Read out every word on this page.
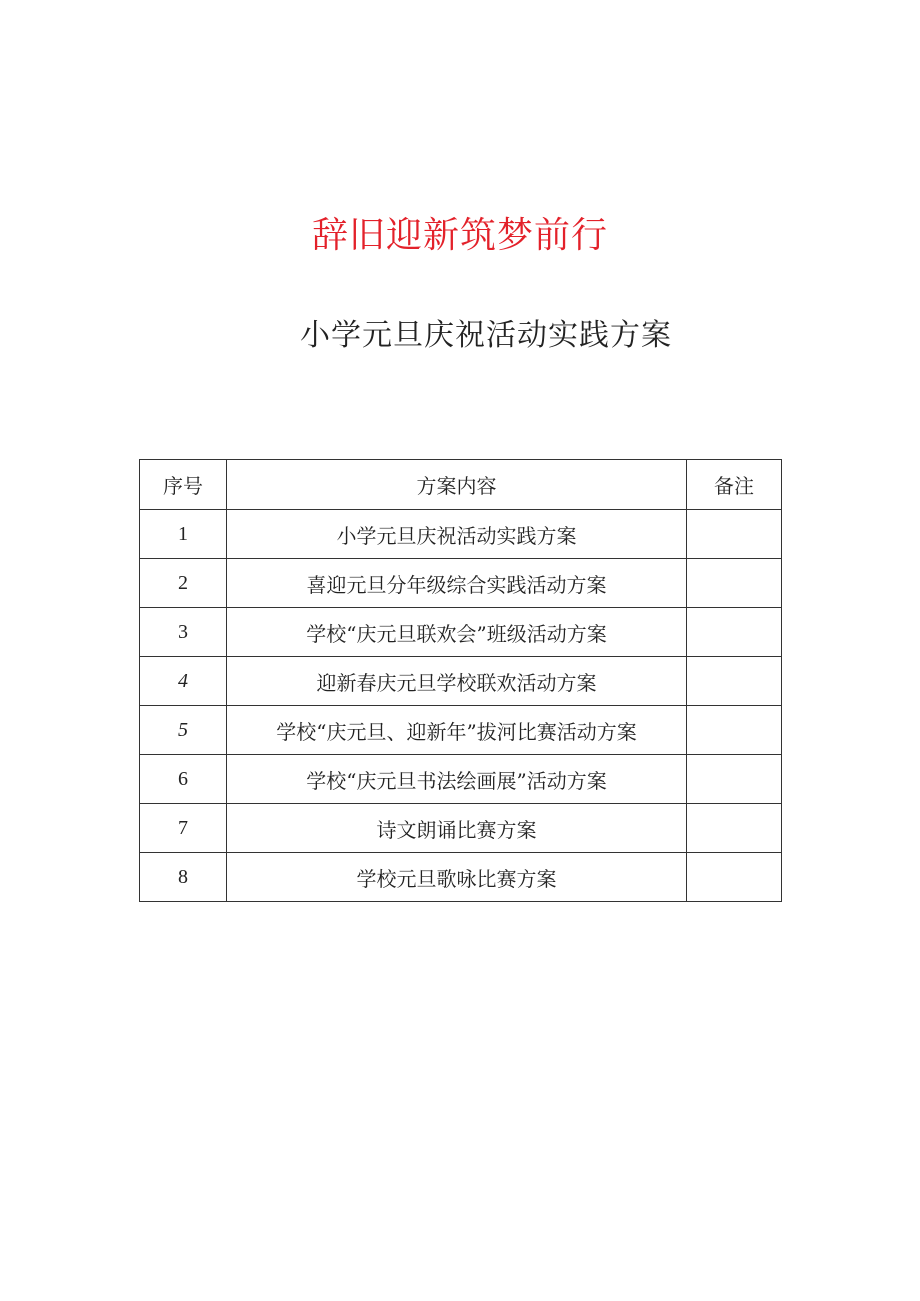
辞旧迎新筑梦前行
小学元旦庆祝活动实践方案
序号	方案内容	备注
1	小学元旦庆祝活动实践方案	
2	喜迎元旦分年级综合实践活动方案	
3	学校“庆元旦联欢会”班级活动方案	
4	迎新春庆元旦学校联欢活动方案	
5	学校“庆元旦、迎新年”拔河比赛活动方案	
6	学校“庆元旦书法绘画展”活动方案	
7	诗文朗诵比赛方案	
8	学校元旦歌咏比赛方案	
